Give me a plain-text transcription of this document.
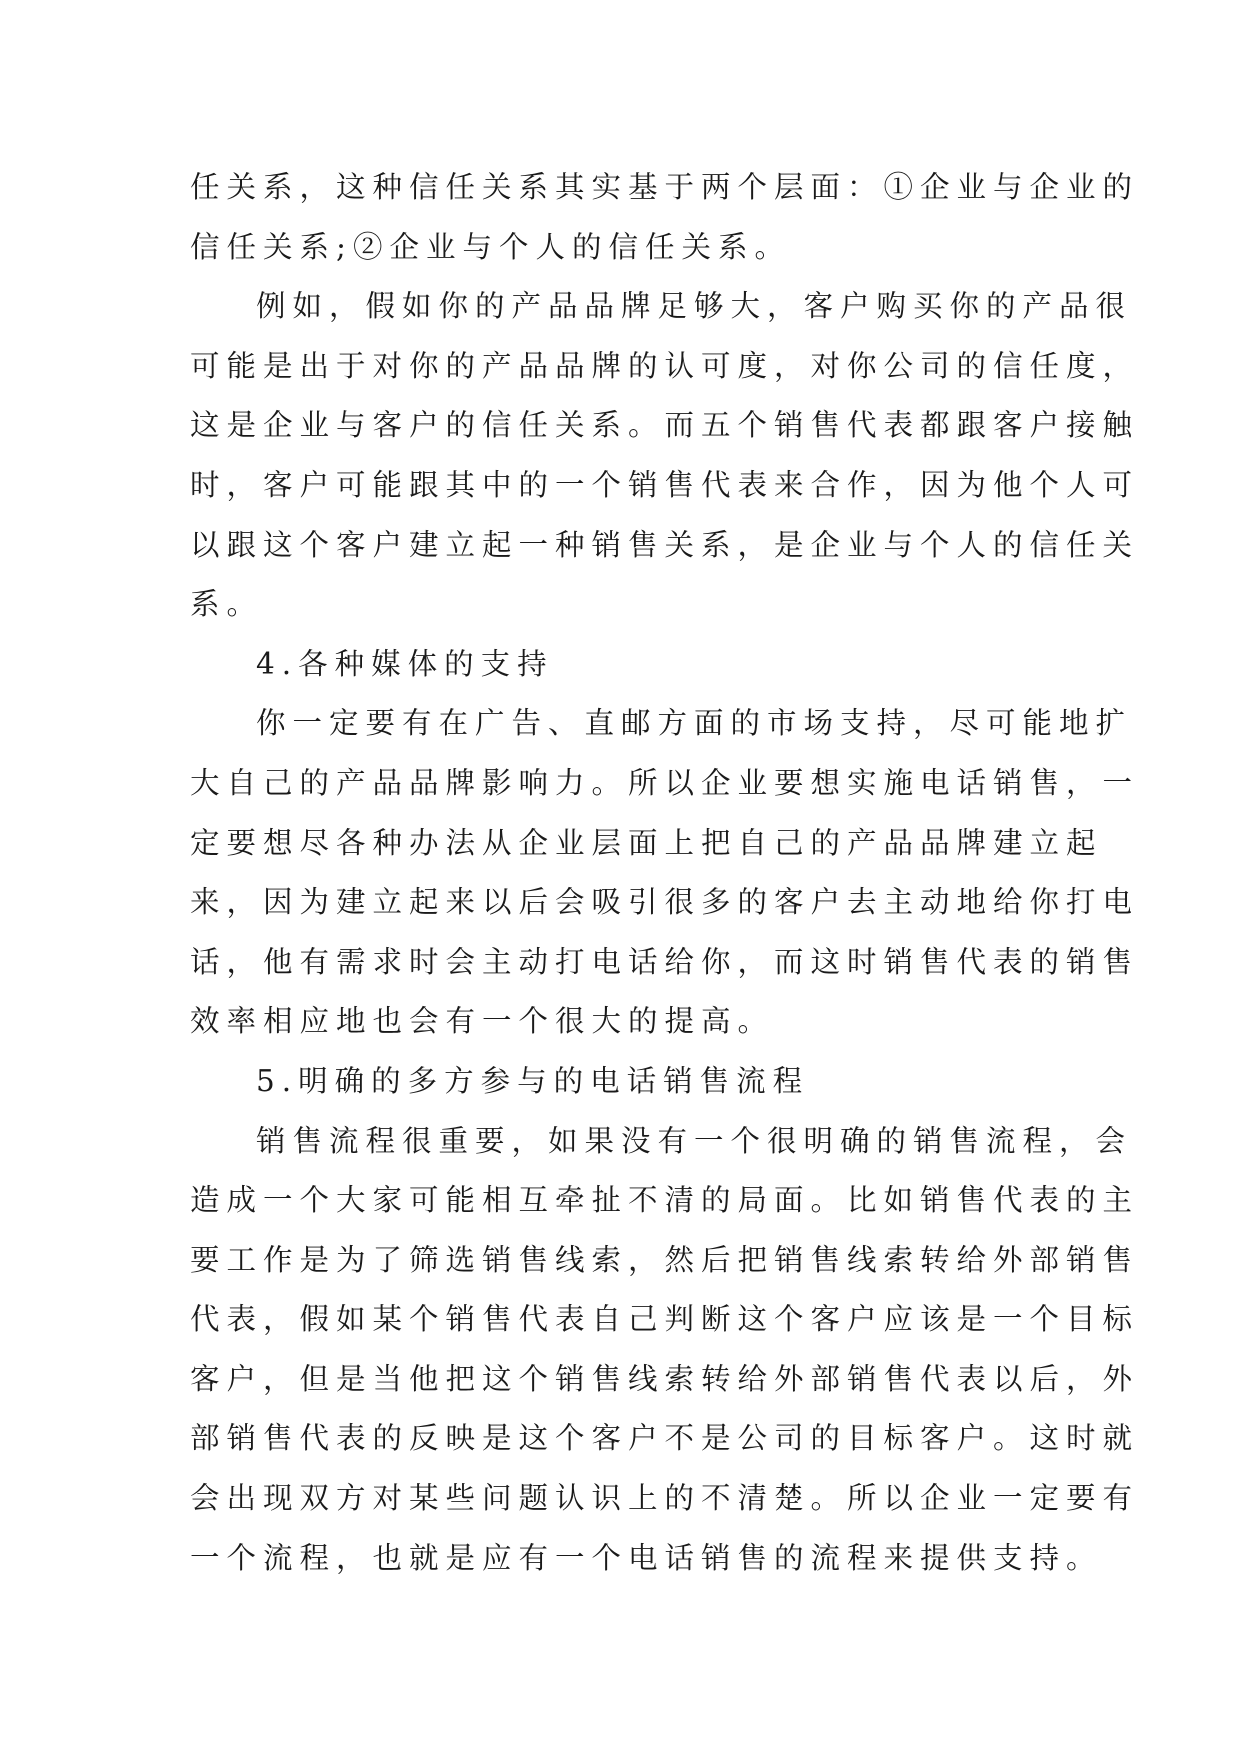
任关系，这种信任关系其实基于两个层面：①企业与企业的
信任关系;②企业与个人的信任关系。
例如，假如你的产品品牌足够大，客户购买你的产品很
可能是出于对你的产品品牌的认可度，对你公司的信任度，
这是企业与客户的信任关系。而五个销售代表都跟客户接触
时，客户可能跟其中的一个销售代表来合作，因为他个人可
以跟这个客户建立起一种销售关系，是企业与个人的信任关
系。
4.各种媒体的支持
你一定要有在广告、直邮方面的市场支持，尽可能地扩
大自己的产品品牌影响力。所以企业要想实施电话销售，一
定要想尽各种办法从企业层面上把自己的产品品牌建立起
来，因为建立起来以后会吸引很多的客户去主动地给你打电
话，他有需求时会主动打电话给你，而这时销售代表的销售
效率相应地也会有一个很大的提高。
5.明确的多方参与的电话销售流程
销售流程很重要，如果没有一个很明确的销售流程，会
造成一个大家可能相互牵扯不清的局面。比如销售代表的主
要工作是为了筛选销售线索，然后把销售线索转给外部销售
代表，假如某个销售代表自己判断这个客户应该是一个目标
客户，但是当他把这个销售线索转给外部销售代表以后，外
部销售代表的反映是这个客户不是公司的目标客户。这时就
会出现双方对某些问题认识上的不清楚。所以企业一定要有
一个流程，也就是应有一个电话销售的流程来提供支持。
